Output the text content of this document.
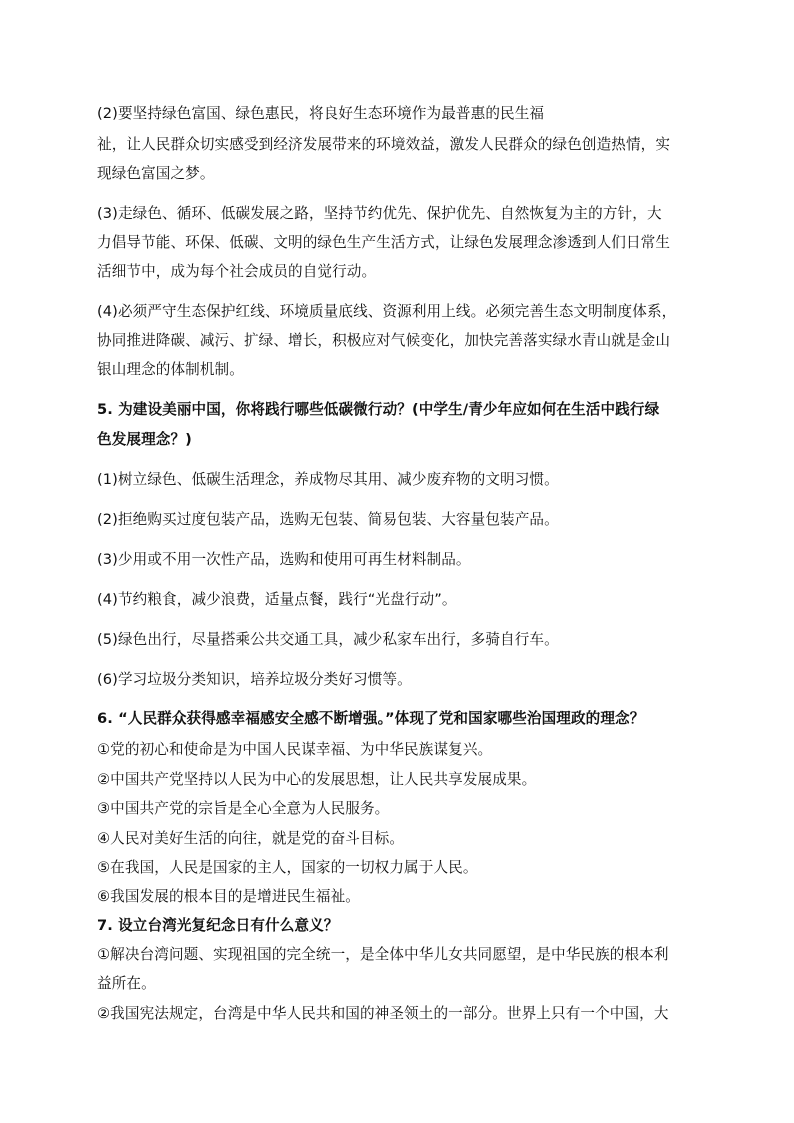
(2)要坚持绿色富国、绿色惠民，将良好生态环境作为最普惠的民生福
祉，让人民群众切实感受到经济发展带来的环境效益，激发人民群众的绿色创造热情，实
现绿色富国之梦。
(3)走绿色、循环、低碳发展之路，坚持节约优先、保护优先、自然恢复为主的方针，大
力倡导节能、环保、低碳、文明的绿色生产生活方式，让绿色发展理念渗透到人们日常生
活细节中，成为每个社会成员的自觉行动。
(4)必须严守生态保护红线、环境质量底线、资源利用上线。必须完善生态文明制度体系，
协同推进降碳、减污、扩绿、增长，积极应对气候变化，加快完善落实绿水青山就是金山
银山理念的体制机制。
5. 为建设美丽中国，你将践行哪些低碳微行动？(中学生/青少年应如何在生活中践行绿
色发展理念？)
(1)树立绿色、低碳生活理念，养成物尽其用、减少废弃物的文明习惯。
(2)拒绝购买过度包装产品，选购无包装、简易包装、大容量包装产品。
(3)少用或不用一次性产品，选购和使用可再生材料制品。
(4)节约粮食，减少浪费，适量点餐，践行“光盘行动”。
(5)绿色出行，尽量搭乘公共交通工具，减少私家车出行，多骑自行车。
(6)学习垃圾分类知识，培养垃圾分类好习惯等。
6. “人民群众获得感幸福感安全感不断增强。”体现了党和国家哪些治国理政的理念？
①党的初心和使命是为中国人民谋幸福、为中华民族谋复兴。
②中国共产党坚持以人民为中心的发展思想，让人民共享发展成果。
③中国共产党的宗旨是全心全意为人民服务。
④人民对美好生活的向往，就是党的奋斗目标。
⑤在我国，人民是国家的主人，国家的一切权力属于人民。
⑥我国发展的根本目的是增进民生福祉。
7. 设立台湾光复纪念日有什么意义？
①解决台湾问题、实现祖国的完全统一，是全体中华儿女共同愿望，是中华民族的根本利
益所在。
②我国宪法规定，台湾是中华人民共和国的神圣领土的一部分。世界上只有一个中国，大
